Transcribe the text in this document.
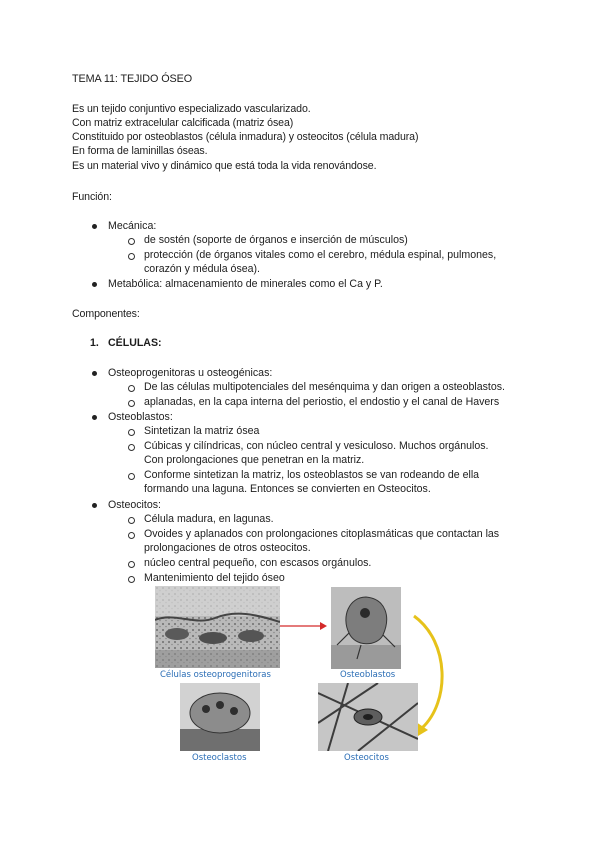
TEMA 11: TEJIDO ÓSEO
Es un tejido conjuntivo especializado vascularizado.
Con matriz extracelular calcificada (matriz ósea)
Constituido por osteoblastos (célula inmadura) y osteocitos (célula madura)
En forma de laminillas óseas.
Es un material vivo y dinámico que está toda la vida renovándose.
Función:
Mecánica:
de sostén (soporte de órganos e inserción de músculos)
protección (de órganos vitales como el cerebro, médula espinal, pulmones,
corazón y médula ósea).
Metabólica: almacenamiento de minerales como el Ca y P.
Componentes:
1. CÉLULAS:
Osteoprogenitoras u osteogénicas:
De las células multipotenciales del mesénquima y dan origen a osteoblastos.
aplanadas, en la capa interna del periostio, el endostio y el canal de Havers
Osteoblastos:
Sintetizan la matriz ósea
Cúbicas y cilíndricas, con núcleo central y vesiculoso. Muchos orgánulos.
Con prolongaciones que penetran en la matriz.
Conforme sintetizan la matriz, los osteoblastos se van rodeando de ella
formando una laguna. Entonces se convierten en Osteocitos.
Osteocitos:
Célula madura, en lagunas.
Ovoides y aplanados con prolongaciones citoplasmáticas que contactan las
prolongaciones de otros osteocitos.
núcleo central pequeño, con escasos orgánulos.
Mantenimiento del tejido óseo
Células osteoprogenitoras	Osteoblastos
Osteoclastos	Osteocitos
